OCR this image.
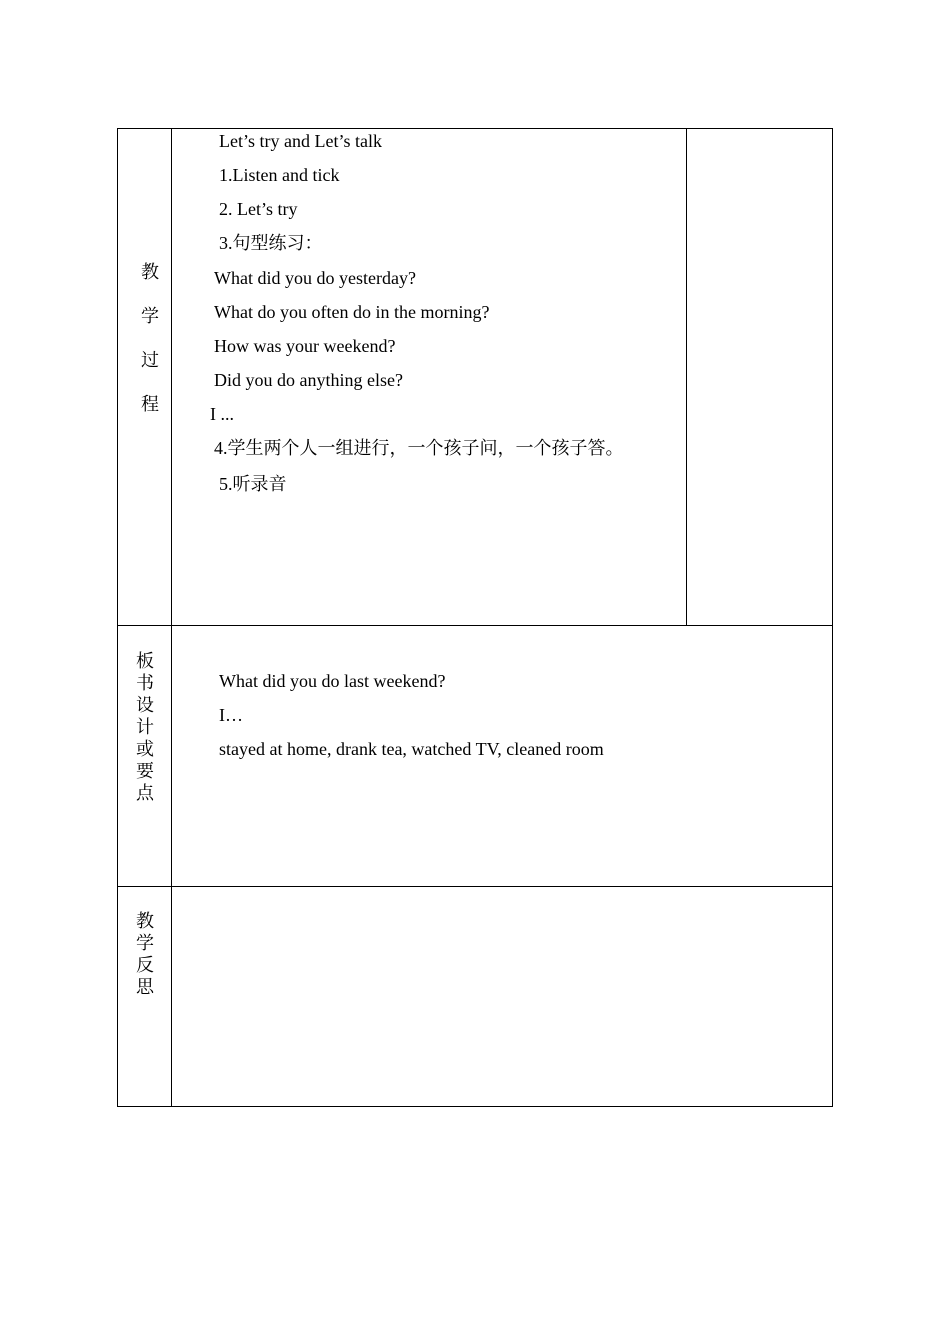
教
学
过
程
Let’s try and Let’s talk
1.Listen and tick
2. Let’s try
3.句型练习：
What did you do yesterday?
What do you often do in the morning?
How was your weekend?
Did you do anything else?
I ...
4.学生两个人一组进行，一个孩子问，一个孩子答。
5.听录音
板
书
设
计
或
要
点
What did you do last weekend?
I…
stayed at home, drank tea, watched TV, cleaned room
教
学
反
思
